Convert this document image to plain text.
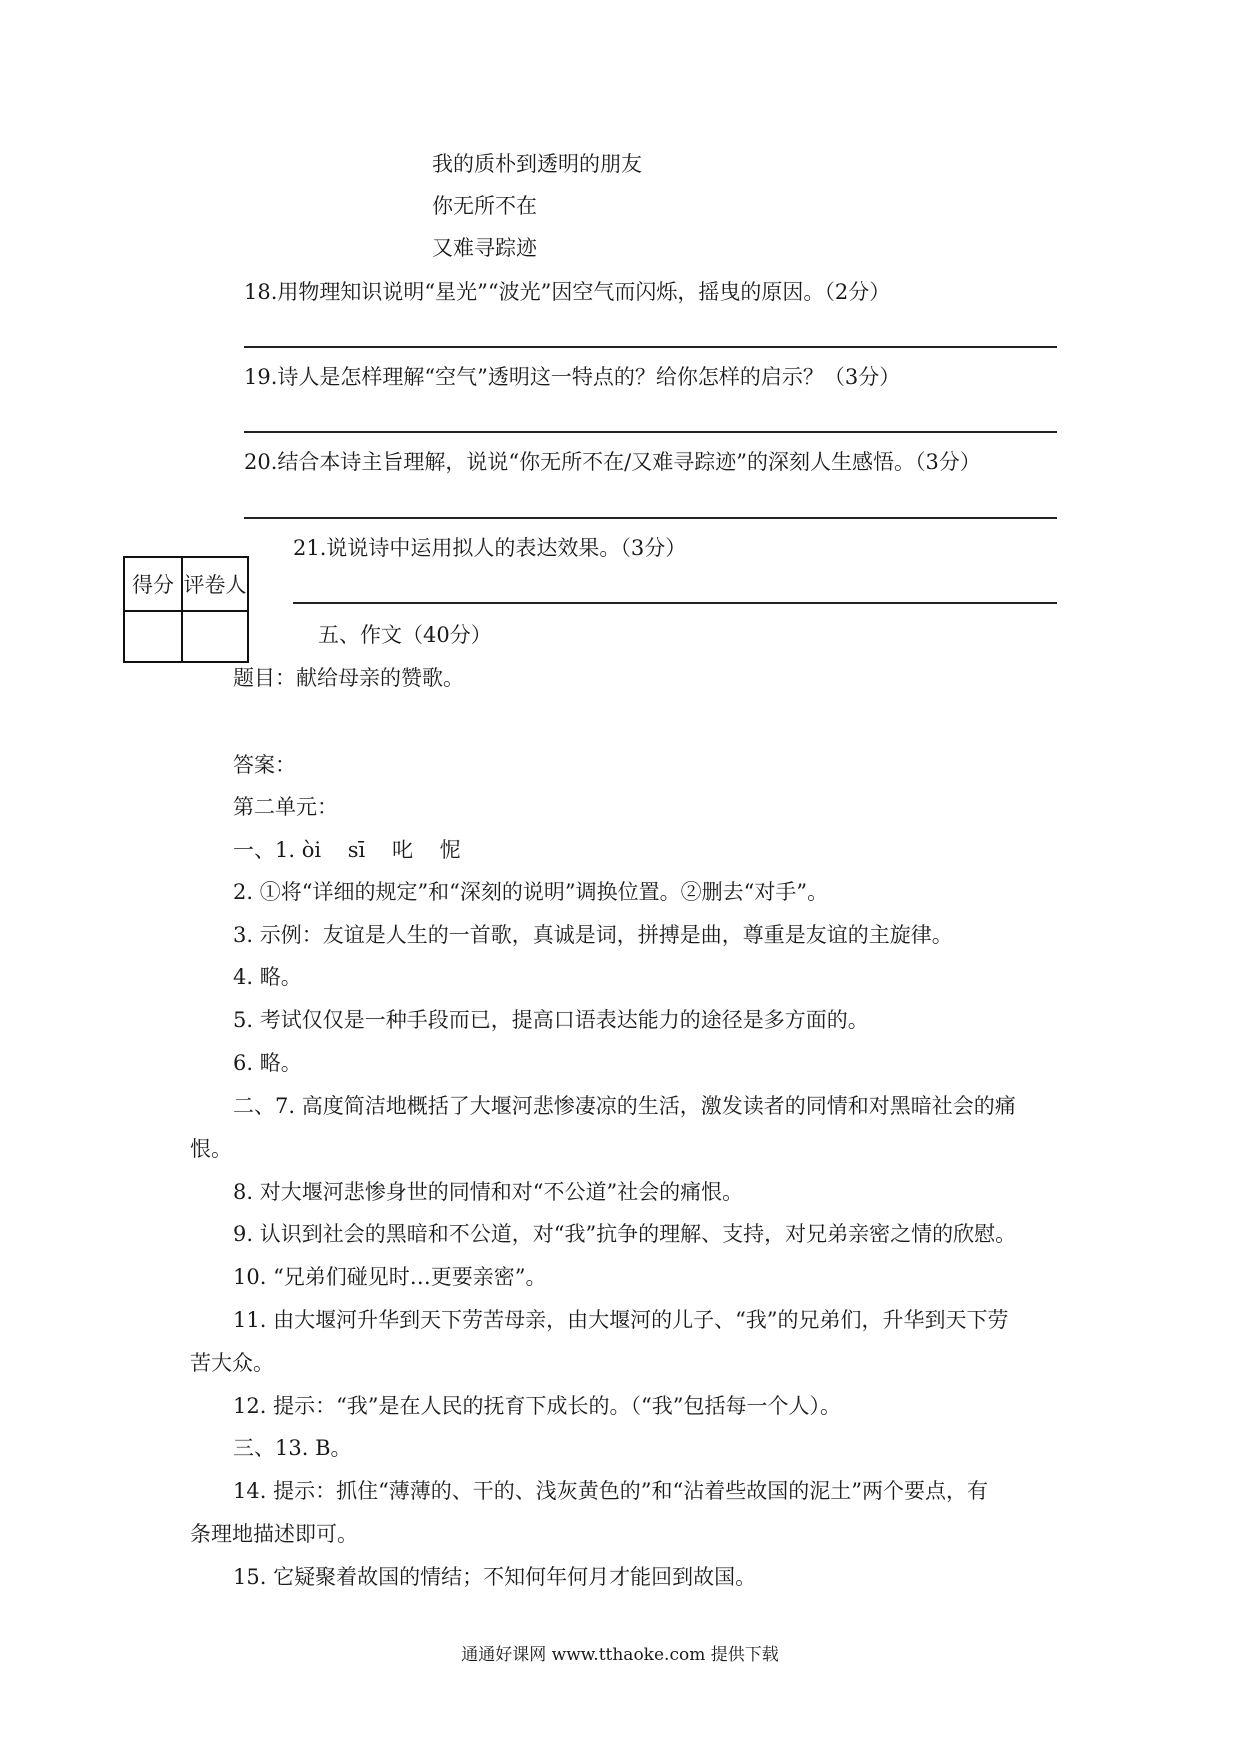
我的质朴到透明的朋友
你无所不在
又难寻踪迹
18.用物理知识说明“星光”“波光”因空气而闪烁，摇曳的原因。（2分）
19.诗人是怎样理解“空气”透明这一特点的？给你怎样的启示？（3分）
20.结合本诗主旨理解，说说“你无所不在/又难寻踪迹”的深刻人生感悟。（3分）
21.说说诗中运用拟人的表达效果。（3分）
得分 评卷人
五、作文（40分）
题目：献给母亲的赞歌。
答案：
第二单元：
一、1. òi    sī    叱    怩
2. ①将“详细的规定”和“深刻的说明”调换位置。②删去“对手”。
3. 示例：友谊是人生的一首歌，真诚是词，拼搏是曲，尊重是友谊的主旋律。
4. 略。
5. 考试仅仅是一种手段而已，提高口语表达能力的途径是多方面的。
6. 略。
二、7. 高度简洁地概括了大堰河悲惨凄凉的生活，激发读者的同情和对黑暗社会的痛
恨。
8. 对大堰河悲惨身世的同情和对“不公道”社会的痛恨。
9. 认识到社会的黑暗和不公道，对“我”抗争的理解、支持，对兄弟亲密之情的欣慰。
10. “兄弟们碰见时…更要亲密”。
11. 由大堰河升华到天下劳苦母亲，由大堰河的儿子、“我”的兄弟们，升华到天下劳
苦大众。
12. 提示：“我”是在人民的抚育下成长的。（“我”包括每一个人）。
三、13. B。
14. 提示：抓住“薄薄的、干的、浅灰黄色的”和“沾着些故国的泥土”两个要点，有
条理地描述即可。
15. 它疑聚着故国的情结；不知何年何月才能回到故国。
通通好课网 www.tthaoke.com 提供下载
